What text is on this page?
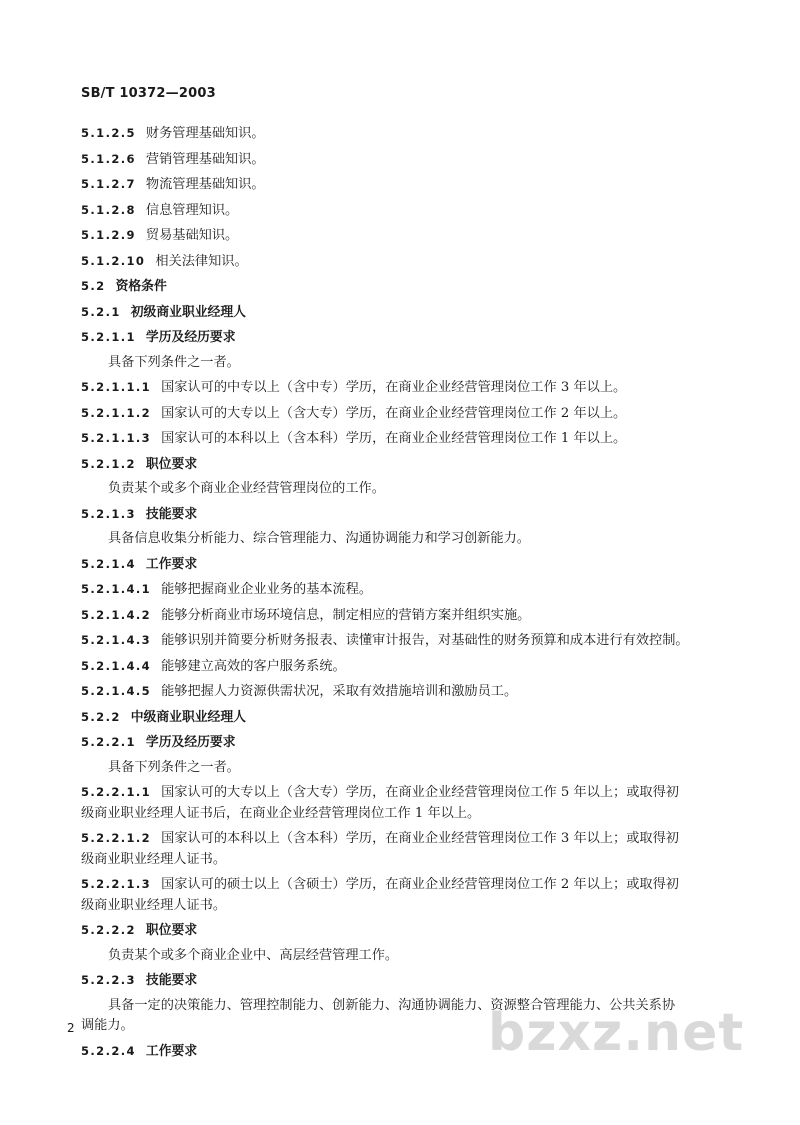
SB/T 10372—2003
5.1.2.5 财务管理基础知识。
5.1.2.6 营销管理基础知识。
5.1.2.7 物流管理基础知识。
5.1.2.8 信息管理知识。
5.1.2.9 贸易基础知识。
5.1.2.10 相关法律知识。
5.2 资格条件
5.2.1 初级商业职业经理人
5.2.1.1 学历及经历要求
具备下列条件之一者。
5.2.1.1.1 国家认可的中专以上（含中专）学历，在商业企业经营管理岗位工作 3 年以上。
5.2.1.1.2 国家认可的大专以上（含大专）学历，在商业企业经营管理岗位工作 2 年以上。
5.2.1.1.3 国家认可的本科以上（含本科）学历，在商业企业经营管理岗位工作 1 年以上。
5.2.1.2 职位要求
负责某个或多个商业企业经营管理岗位的工作。
5.2.1.3 技能要求
具备信息收集分析能力、综合管理能力、沟通协调能力和学习创新能力。
5.2.1.4 工作要求
5.2.1.4.1 能够把握商业企业业务的基本流程。
5.2.1.4.2 能够分析商业市场环境信息，制定相应的营销方案并组织实施。
5.2.1.4.3 能够识别并简要分析财务报表、读懂审计报告，对基础性的财务预算和成本进行有效控制。
5.2.1.4.4 能够建立高效的客户服务系统。
5.2.1.4.5 能够把握人力资源供需状况，采取有效措施培训和激励员工。
5.2.2 中级商业职业经理人
5.2.2.1 学历及经历要求
具备下列条件之一者。
5.2.2.1.1 国家认可的大专以上（含大专）学历，在商业企业经营管理岗位工作 5 年以上；或取得初
级商业职业经理人证书后，在商业企业经营管理岗位工作 1 年以上。
5.2.2.1.2 国家认可的本科以上（含本科）学历，在商业企业经营管理岗位工作 3 年以上；或取得初
级商业职业经理人证书。
5.2.2.1.3 国家认可的硕士以上（含硕士）学历，在商业企业经营管理岗位工作 2 年以上；或取得初
级商业职业经理人证书。
5.2.2.2 职位要求
负责某个或多个商业企业中、高层经营管理工作。
5.2.2.3 技能要求
具备一定的决策能力、管理控制能力、创新能力、沟通协调能力、资源整合管理能力、公共关系协
调能力。
5.2.2.4 工作要求
2	bzxz.net
